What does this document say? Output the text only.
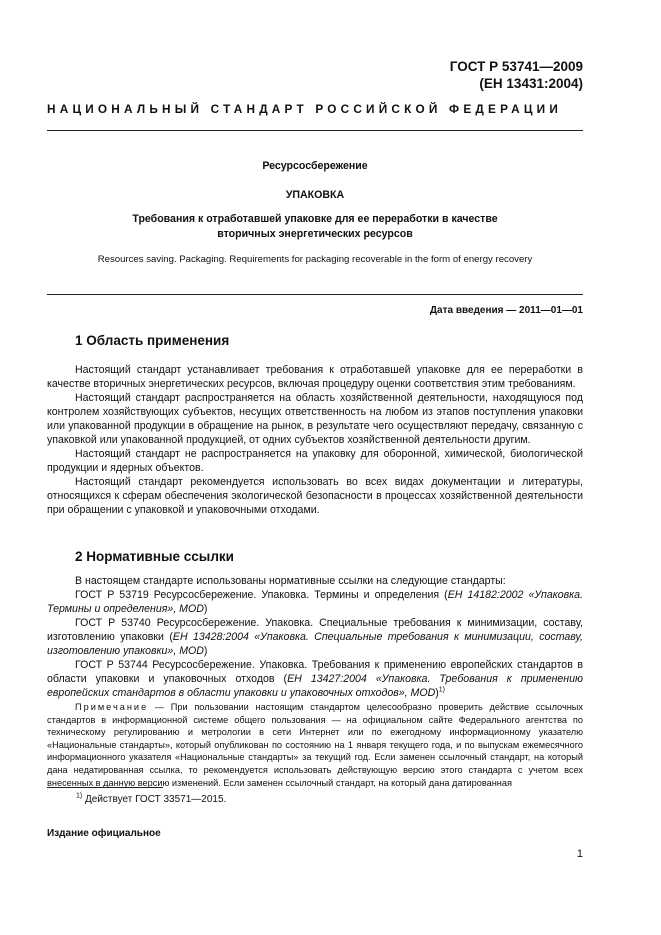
ГОСТ Р 53741—2009
(ЕН 13431:2004)
НАЦИОНАЛЬНЫЙ СТАНДАРТ РОССИЙСКОЙ ФЕДЕРАЦИИ
Ресурсосбережение
УПАКОВКА
Требования к отработавшей упаковке для ее переработки в качестве
вторичных энергетических ресурсов
Resources saving. Packaging. Requirements for packaging recoverable in the form of energy recovery
Дата введения — 2011—01—01
1 Область применения

Настоящий стандарт устанавливает требования к отработавшей упаковке для ее переработки в качестве вторичных энергетических ресурсов, включая процедуру оценки соответствия этим требованиям.

Настоящий стандарт распространяется на область хозяйственной деятельности, находящуюся под контролем хозяйствующих субъектов, несущих ответственность на любом из этапов поступления упаковки или упакованной продукции в обращение на рынок, в результате чего осуществляют передачу, связанную с упаковкой или упакованной продукцией, от одних субъектов хозяйственной деятельности другим.

Настоящий стандарт не распространяется на упаковку для оборонной, химической, биологической продукции и ядерных объектов.

Настоящий стандарт рекомендуется использовать во всех видах документации и литературы, относящихся к сферам обеспечения экологической безопасности в процессах хозяйственной деятельности при обращении с упаковкой и упаковочными отходами.

2 Нормативные ссылки

В настоящем стандарте использованы нормативные ссылки на следующие стандарты:

ГОСТ Р 53719 Ресурсосбережение. Упаковка. Термины и определения (ЕН 14182:2002 «Упаковка. Термины и определения», MOD)

ГОСТ Р 53740 Ресурсосбережение. Упаковка. Специальные требования к минимизации, составу, изготовлению упаковки (ЕН 13428:2004 «Упаковка. Специальные требования к минимизации, составу, изготовлению упаковки», MOD)

ГОСТ Р 53744 Ресурсосбережение. Упаковка. Требования к применению европейских стандартов в области упаковки и упаковочных отходов (ЕН 13427:2004 «Упаковка. Требования к применению европейских стандартов в области упаковки и упаковочных отходов», MOD)$^{1)}$

Примечание — При пользовании настоящим стандартом целесообразно проверить действие ссылочных стандартов в информационной системе общего пользования — на официальном сайте Федерального агентства по техническому регулированию и метрологии в сети Интернет или по ежегодному информационному указателю «Национальные стандарты», который опубликован по состоянию на 1 января текущего года, и по выпускам ежемесячного информационного указателя «Национальные стандарты» за текущий год. Если заменен ссылочный стандарт, на который дана недатированная ссылка, то рекомендуется использовать действующую версию этого стандарта с учетом всех внесенных в данную версию изменений. Если заменен ссылочный стандарт, на который дана датированная

$^{1)}$ Действует ГОСТ 33571—2015.
Издание официальное
1
